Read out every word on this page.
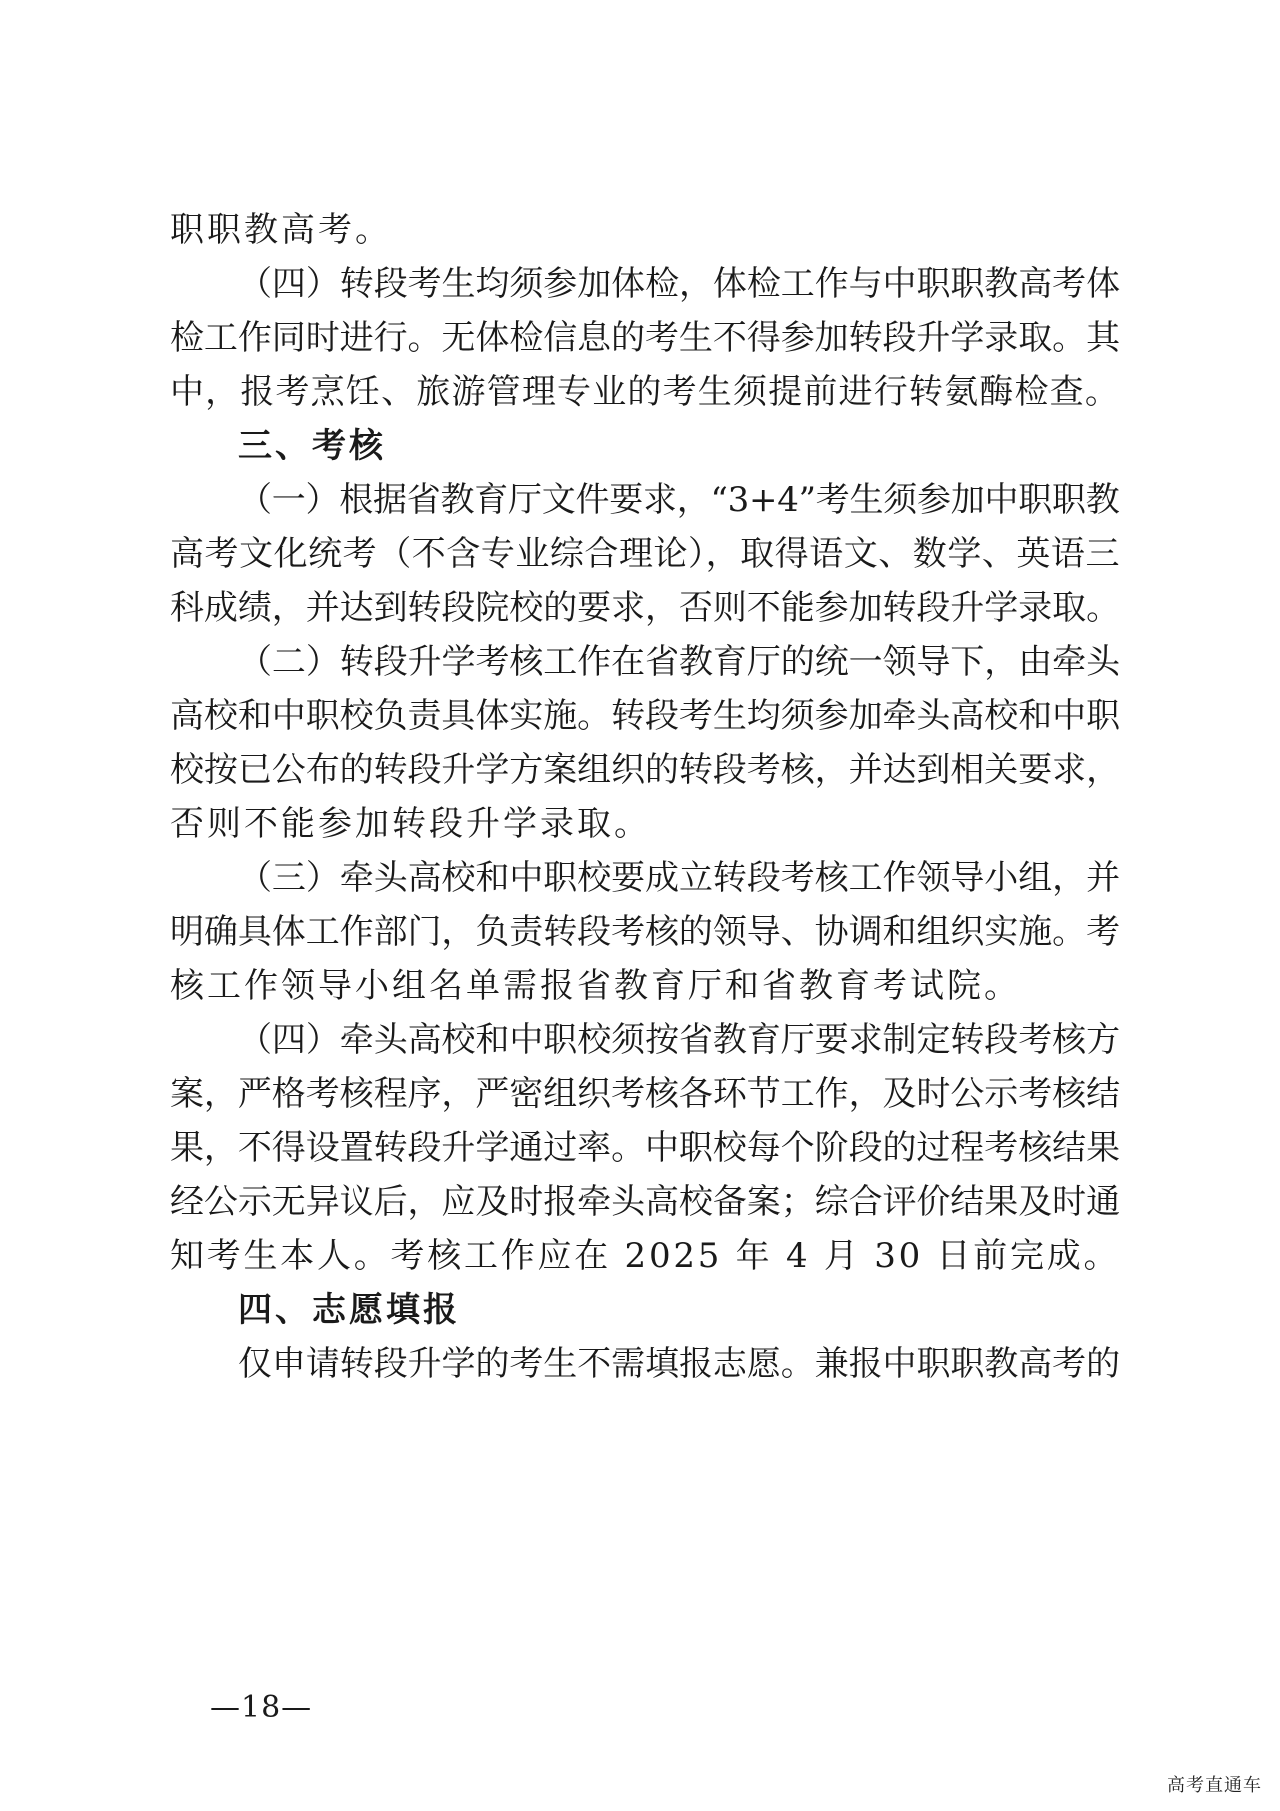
职职教高考。
（四）转段考生均须参加体检，体检工作与中职职教高考体
检工作同时进行。无体检信息的考生不得参加转段升学录取。其
中，报考烹饪、旅游管理专业的考生须提前进行转氨酶检查。
三、考核
（一）根据省教育厅文件要求，“3+4”考生须参加中职职教
高考文化统考（不含专业综合理论），取得语文、数学、英语三
科成绩，并达到转段院校的要求，否则不能参加转段升学录取。
（二）转段升学考核工作在省教育厅的统一领导下，由牵头
高校和中职校负责具体实施。转段考生均须参加牵头高校和中职
校按已公布的转段升学方案组织的转段考核，并达到相关要求，
否则不能参加转段升学录取。
（三）牵头高校和中职校要成立转段考核工作领导小组，并
明确具体工作部门，负责转段考核的领导、协调和组织实施。考
核工作领导小组名单需报省教育厅和省教育考试院。
（四）牵头高校和中职校须按省教育厅要求制定转段考核方
案，严格考核程序，严密组织考核各环节工作，及时公示考核结
果，不得设置转段升学通过率。中职校每个阶段的过程考核结果
经公示无异议后，应及时报牵头高校备案；综合评价结果及时通
知考生本人。考核工作应在 2025 年 4 月 30 日前完成。
四、志愿填报
仅申请转段升学的考生不需填报志愿。兼报中职职教高考的
—18—
高考直通车
